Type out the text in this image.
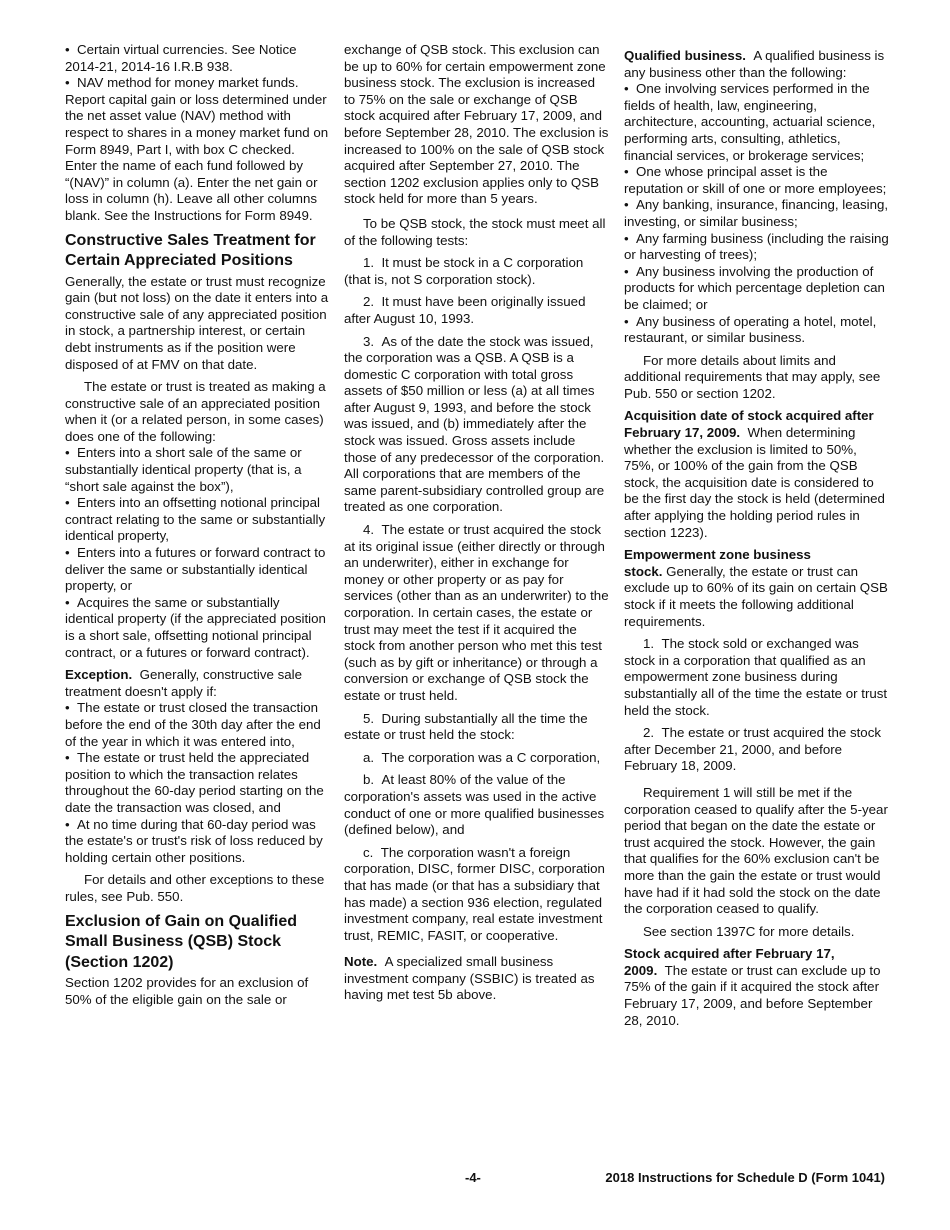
•  Certain virtual currencies. See Notice 2014-21, 2014-16 I.R.B 938.

•  NAV method for money market funds. Report capital gain or loss determined under the net asset value (NAV) method with respect to shares in a money market fund on Form 8949, Part I, with box C checked. Enter the name of each fund followed by “(NAV)” in column (a). Enter the net gain or loss in column (h). Leave all other columns blank. See the Instructions for Form 8949.

Constructive Sales Treatment for Certain Appreciated Positions

Generally, the estate or trust must recognize gain (but not loss) on the date it enters into a constructive sale of any appreciated position in stock, a partnership interest, or certain debt instruments as if the position were disposed of at FMV on that date.

The estate or trust is treated as making a constructive sale of an appreciated position when it (or a related person, in some cases) does one of the following:

•  Enters into a short sale of the same or substantially identical property (that is, a “short sale against the box”),

•  Enters into an offsetting notional principal contract relating to the same or substantially identical property,

•  Enters into a futures or forward contract to deliver the same or substantially identical property, or

•  Acquires the same or substantially identical property (if the appreciated position is a short sale, offsetting notional principal contract, or a futures or forward contract).

Exception. Generally, constructive sale treatment doesn't apply if:

•  The estate or trust closed the transaction before the end of the 30th day after the end of the year in which it was entered into,

•  The estate or trust held the appreciated position to which the transaction relates throughout the 60-day period starting on the date the transaction was closed, and

•  At no time during that 60-day period was the estate's or trust's risk of loss reduced by holding certain other positions.

For details and other exceptions to these rules, see Pub. 550.

Exclusion of Gain on Qualified Small Business (QSB) Stock (Section 1202)

Section 1202 provides for an exclusion of 50% of the eligible gain on the sale or

exchange of QSB stock. This exclusion can be up to 60% for certain empowerment zone business stock. The exclusion is increased to 75% on the sale or exchange of QSB stock acquired after February 17, 2009, and before September 28, 2010. The exclusion is increased to 100% on the sale of QSB stock acquired after September 27, 2010. The section 1202 exclusion applies only to QSB stock held for more than 5 years.

To be QSB stock, the stock must meet all of the following tests:

1.  It must be stock in a C corporation (that is, not S corporation stock).

2.  It must have been originally issued after August 10, 1993.

3.  As of the date the stock was issued, the corporation was a QSB. A QSB is a domestic C corporation with total gross assets of $50 million or less (a) at all times after August 9, 1993, and before the stock was issued, and (b) immediately after the stock was issued. Gross assets include those of any predecessor of the corporation. All corporations that are members of the same parent-subsidiary controlled group are treated as one corporation.

4.  The estate or trust acquired the stock at its original issue (either directly or through an underwriter), either in exchange for money or other property or as pay for services (other than as an underwriter) to the corporation. In certain cases, the estate or trust may meet the test if it acquired the stock from another person who met this test (such as by gift or inheritance) or through a conversion or exchange of QSB stock the estate or trust held.

5.  During substantially all the time the estate or trust held the stock:

a.  The corporation was a C corporation,

b.  At least 80% of the value of the corporation's assets was used in the active conduct of one or more qualified businesses (defined below), and

c.  The corporation wasn't a foreign corporation, DISC, former DISC, corporation that has made (or that has a subsidiary that has made) a section 936 election, regulated investment company, real estate investment trust, REMIC, FASIT, or cooperative.

Note. A specialized small business investment company (SSBIC) is treated as having met test 5b above.

Qualified business. A qualified business is any business other than the following:

•  One involving services performed in the fields of health, law, engineering, architecture, accounting, actuarial science, performing arts, consulting, athletics, financial services, or brokerage services;

•  One whose principal asset is the reputation or skill of one or more employees;

•  Any banking, insurance, financing, leasing, investing, or similar business;

•  Any farming business (including the raising or harvesting of trees);

•  Any business involving the production of products for which percentage depletion can be claimed; or

•  Any business of operating a hotel, motel, restaurant, or similar business.

For more details about limits and additional requirements that may apply, see Pub. 550 or section 1202.

Acquisition date of stock acquired after February 17, 2009. When determining whether the exclusion is limited to 50%, 75%, or 100% of the gain from the QSB stock, the acquisition date is considered to be the first day the stock is held (determined after applying the holding period rules in section 1223).

Empowerment zone business stock. Generally, the estate or trust can exclude up to 60% of its gain on certain QSB stock if it meets the following additional requirements.

1.  The stock sold or exchanged was stock in a corporation that qualified as an empowerment zone business during substantially all of the time the estate or trust held the stock.

2.  The estate or trust acquired the stock after December 21, 2000, and before February 18, 2009.

Requirement 1 will still be met if the corporation ceased to qualify after the 5-year period that began on the date the estate or trust acquired the stock. However, the gain that qualifies for the 60% exclusion can't be more than the gain the estate or trust would have had if it had sold the stock on the date the corporation ceased to qualify.

See section 1397C for more details.

Stock acquired after February 17, 2009. The estate or trust can exclude up to 75% of the gain if it acquired the stock after February 17, 2009, and before September 28, 2010.

-4-	2018 Instructions for Schedule D (Form 1041)
